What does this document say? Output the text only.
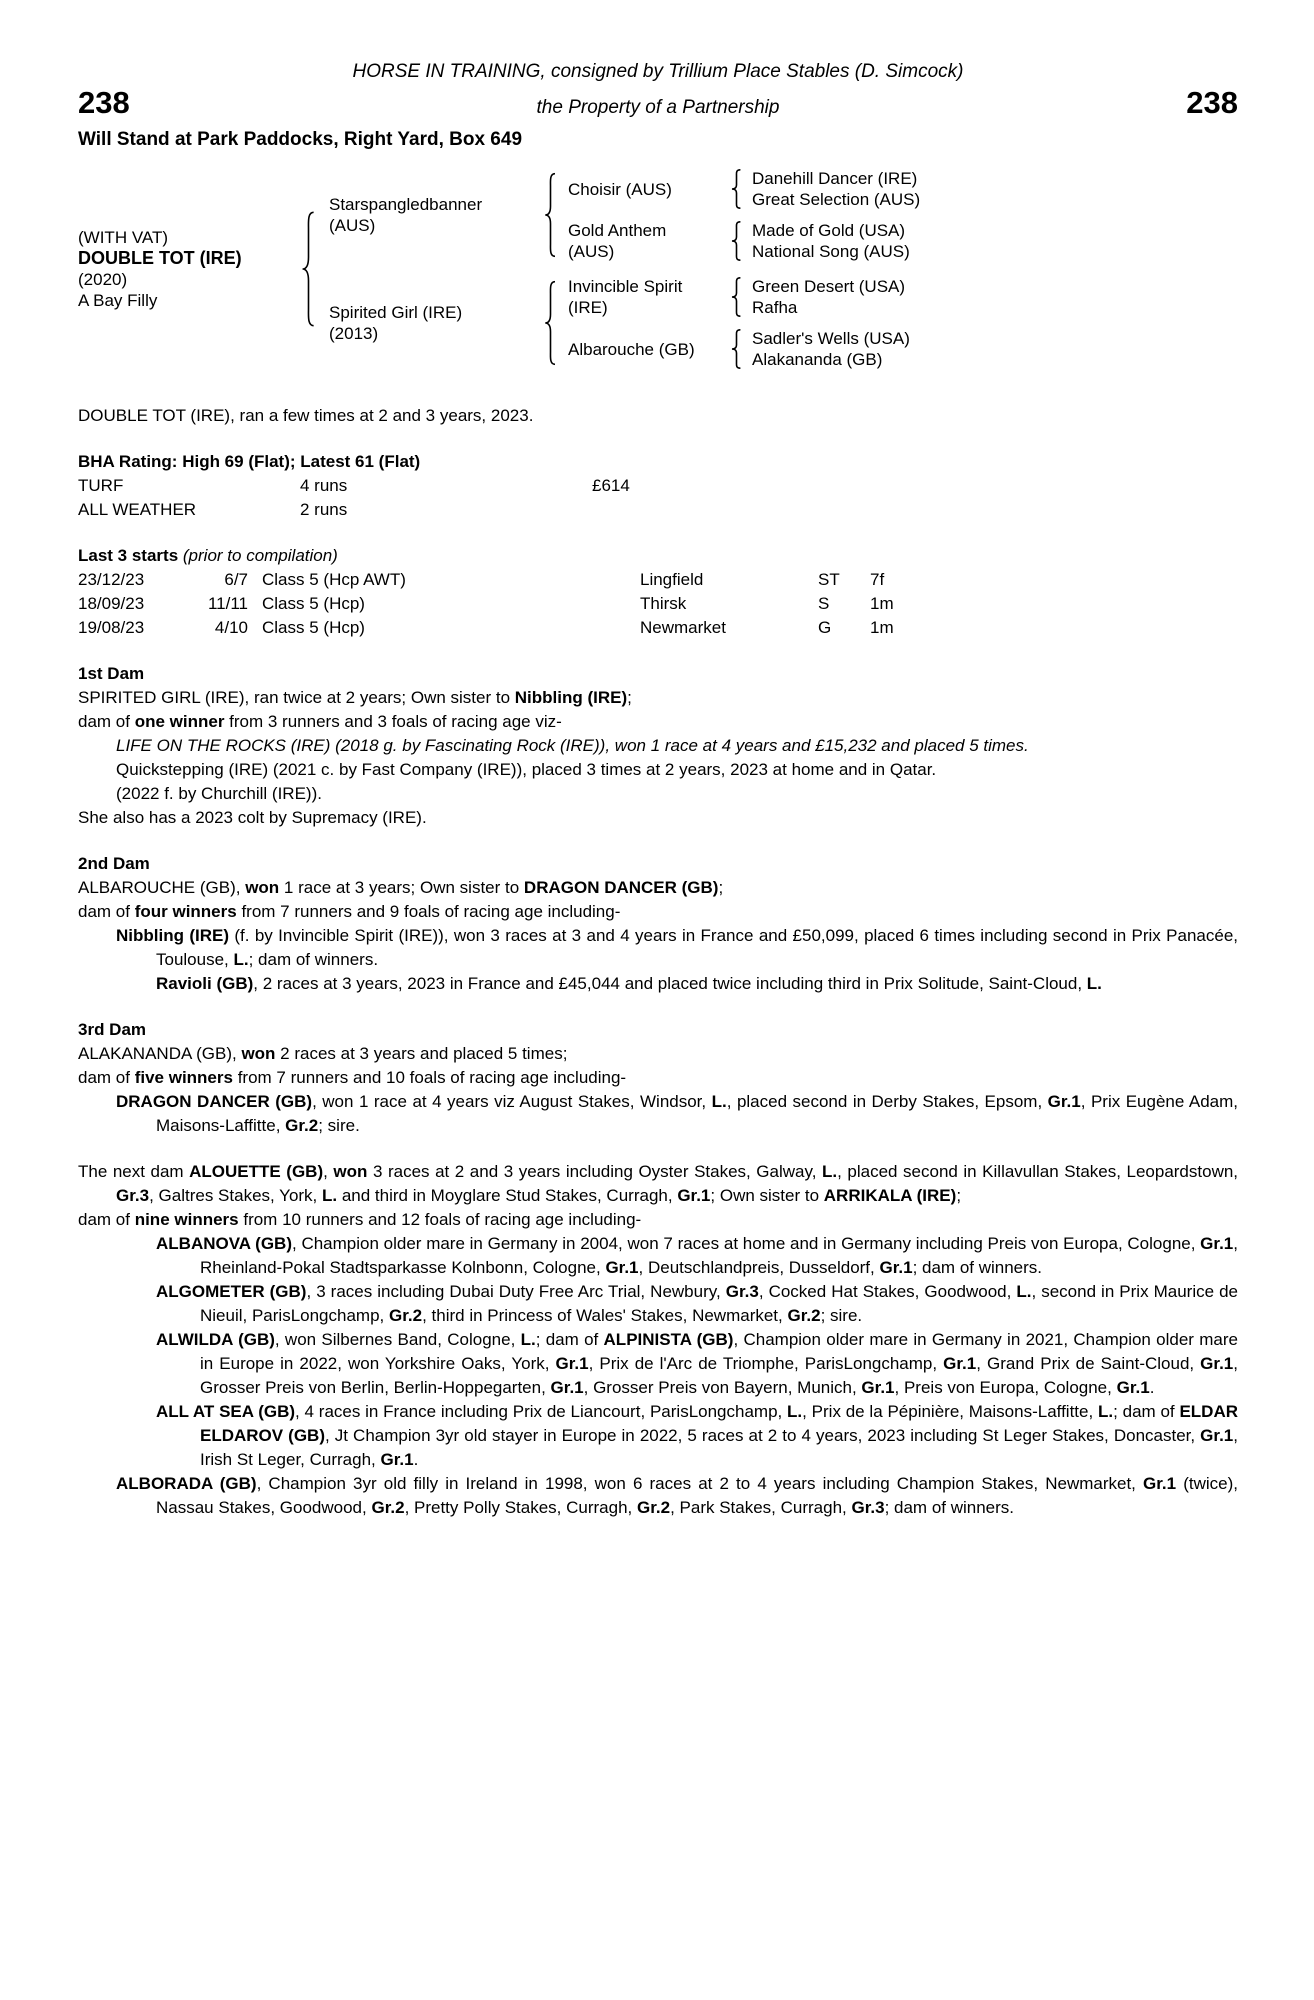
HORSE IN TRAINING, consigned by Trillium Place Stables (D. Simcock)
238	the Property of a Partnership	238
Will Stand at Park Paddocks, Right Yard, Box 649
(WITH VAT)
DOUBLE TOT (IRE)
(2020)
A Bay Filly
Starspangledbanner
(AUS)
Choisir (AUS)
Danehill Dancer (IRE)
Great Selection (AUS)
Gold Anthem
(AUS)
Made of Gold (USA)
National Song (AUS)
Spirited Girl (IRE)
(2013)
Invincible Spirit
(IRE)
Green Desert (USA)
Rafha
Albarouche (GB)
Sadler's Wells (USA)
Alakananda (GB)

DOUBLE TOT (IRE), ran a few times at 2 and 3 years, 2023.

BHA Rating: High 69 (Flat); Latest 61 (Flat)

TURF	4 runs	£614
ALL WEATHER	2 runs

Last 3 starts (prior to compilation)

23/12/23	6/7 Class 5 (Hcp AWT)	Lingfield	ST	7f
18/09/23	11/11 Class 5 (Hcp)	Thirsk	S	1m
19/08/23	4/10 Class 5 (Hcp)	Newmarket	G	1m
1st Dam

SPIRITED GIRL (IRE), ran twice at 2 years; Own sister to Nibbling (IRE);

dam of one winner from 3 runners and 3 foals of racing age viz-

LIFE ON THE ROCKS (IRE) (2018 g. by Fascinating Rock (IRE)), won 1 race at 4 years and £15,232 and placed 5 times.

Quickstepping (IRE) (2021 c. by Fast Company (IRE)), placed 3 times at 2 years, 2023 at home and in Qatar.

(2022 f. by Churchill (IRE)).

She also has a 2023 colt by Supremacy (IRE).

2nd Dam

ALBAROUCHE (GB), won 1 race at 3 years; Own sister to DRAGON DANCER (GB);

dam of four winners from 7 runners and 9 foals of racing age including-

Nibbling (IRE) (f. by Invincible Spirit (IRE)), won 3 races at 3 and 4 years in France and £50,099, placed 6 times including second in Prix Panacée, Toulouse, L.; dam of winners.

Ravioli (GB), 2 races at 3 years, 2023 in France and £45,044 and placed twice including third in Prix Solitude, Saint-Cloud, L.

3rd Dam

ALAKANANDA (GB), won 2 races at 3 years and placed 5 times;

dam of five winners from 7 runners and 10 foals of racing age including-

DRAGON DANCER (GB), won 1 race at 4 years viz August Stakes, Windsor, L., placed second in Derby Stakes, Epsom, Gr.1, Prix Eugène Adam, Maisons-Laffitte, Gr.2; sire.

The next dam ALOUETTE (GB), won 3 races at 2 and 3 years including Oyster Stakes, Galway, L., placed second in Killavullan Stakes, Leopardstown, Gr.3, Galtres Stakes, York, L. and third in Moyglare Stud Stakes, Curragh, Gr.1; Own sister to ARRIKALA (IRE);

dam of nine winners from 10 runners and 12 foals of racing age including-

ALBANOVA (GB), Champion older mare in Germany in 2004, won 7 races at home and in Germany including Preis von Europa, Cologne, Gr.1, Rheinland-Pokal Stadtsparkasse Kolnbonn, Cologne, Gr.1, Deutschlandpreis, Dusseldorf, Gr.1; dam of winners.

ALGOMETER (GB), 3 races including Dubai Duty Free Arc Trial, Newbury, Gr.3, Cocked Hat Stakes, Goodwood, L., second in Prix Maurice de Nieuil, ParisLongchamp, Gr.2, third in Princess of Wales' Stakes, Newmarket, Gr.2; sire.

ALWILDA (GB), won Silbernes Band, Cologne, L.; dam of ALPINISTA (GB), Champion older mare in Germany in 2021, Champion older mare in Europe in 2022, won Yorkshire Oaks, York, Gr.1, Prix de l'Arc de Triomphe, ParisLongchamp, Gr.1, Grand Prix de Saint-Cloud, Gr.1, Grosser Preis von Berlin, Berlin-Hoppegarten, Gr.1, Grosser Preis von Bayern, Munich, Gr.1, Preis von Europa, Cologne, Gr.1.

ALL AT SEA (GB), 4 races in France including Prix de Liancourt, ParisLongchamp, L., Prix de la Pépinière, Maisons-Laffitte, L.; dam of ELDAR ELDAROV (GB), Jt Champion 3yr old stayer in Europe in 2022, 5 races at 2 to 4 years, 2023 including St Leger Stakes, Doncaster, Gr.1, Irish St Leger, Curragh, Gr.1.

ALBORADA (GB), Champion 3yr old filly in Ireland in 1998, won 6 races at 2 to 4 years including Champion Stakes, Newmarket, Gr.1 (twice), Nassau Stakes, Goodwood, Gr.2, Pretty Polly Stakes, Curragh, Gr.2, Park Stakes, Curragh, Gr.3; dam of winners.
